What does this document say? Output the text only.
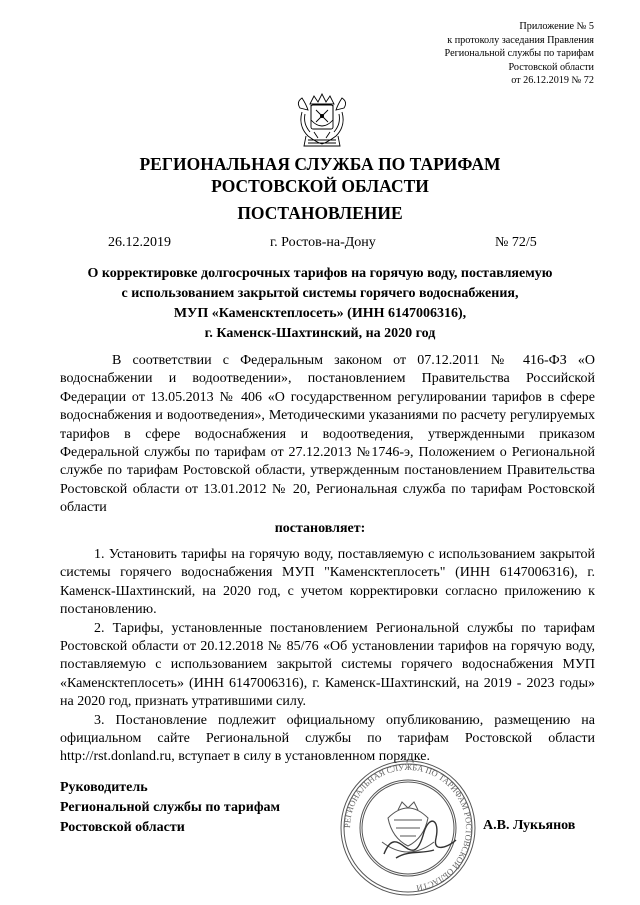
Приложение № 5
к протоколу заседания Правления
Региональной службы по тарифам
Ростовской области
от 26.12.2019 № 72
РЕГИОНАЛЬНАЯ СЛУЖБА ПО ТАРИФАМ
РОСТОВСКОЙ ОБЛАСТИ
ПОСТАНОВЛЕНИЕ
26.12.2019	г. Ростов-на-Дону	№ 72/5
О корректировке долгосрочных тарифов на горячую воду, поставляемую
с использованием закрытой системы горячего водоснабжения,
МУП «Каменсктеплосеть» (ИНН 6147006316),
г. Каменск-Шахтинский, на 2020 год

В соответствии с Федеральным законом от 07.12.2011 № 416-ФЗ «О водоснабжении и водоотведении», постановлением Правительства Российской Федерации от 13.05.2013 № 406 «О государственном регулировании тарифов в сфере водоснабжения и водоотведения», Методическими указаниями по расчету регулируемых тарифов в сфере водоснабжения и водоотведения, утвержденными приказом Федеральной службы по тарифам от 27.12.2013 №1746-э, Положением о Региональной службе по тарифам Ростовской области, утвержденным постановлением Правительства Ростовской области от 13.01.2012 № 20, Региональная служба по тарифам Ростовской области

постановляет:

1. Установить тарифы на горячую воду, поставляемую с использованием закрытой системы горячего водоснабжения МУП "Каменсктеплосеть" (ИНН 6147006316), г. Каменск-Шахтинский, на 2020 год, с учетом корректировки согласно приложению к постановлению.

2. Тарифы, установленные постановлением Региональной службы по тарифам Ростовской области от 20.12.2018 № 85/76 «Об установлении тарифов на горячую воду, поставляемую с использованием закрытой системы горячего водоснабжения МУП «Каменсктеплосеть» (ИНН 6147006316), г. Каменск-Шахтинский, на 2019 - 2023 годы» на 2020 год, признать утратившими силу.

3. Постановление подлежит официальному опубликованию, размещению на официальном сайте Региональной службы по тарифам Ростовской области http://rst.donland.ru, вступает в силу в установленном порядке.

РЕГИОНАЛЬНАЯ СЛУЖБА ПО ТАРИФАМ РОСТОВСКОЙ ОБЛАСТИ
Руководитель
Региональной службы по тарифам
Ростовской области	А.В. Лукьянов
